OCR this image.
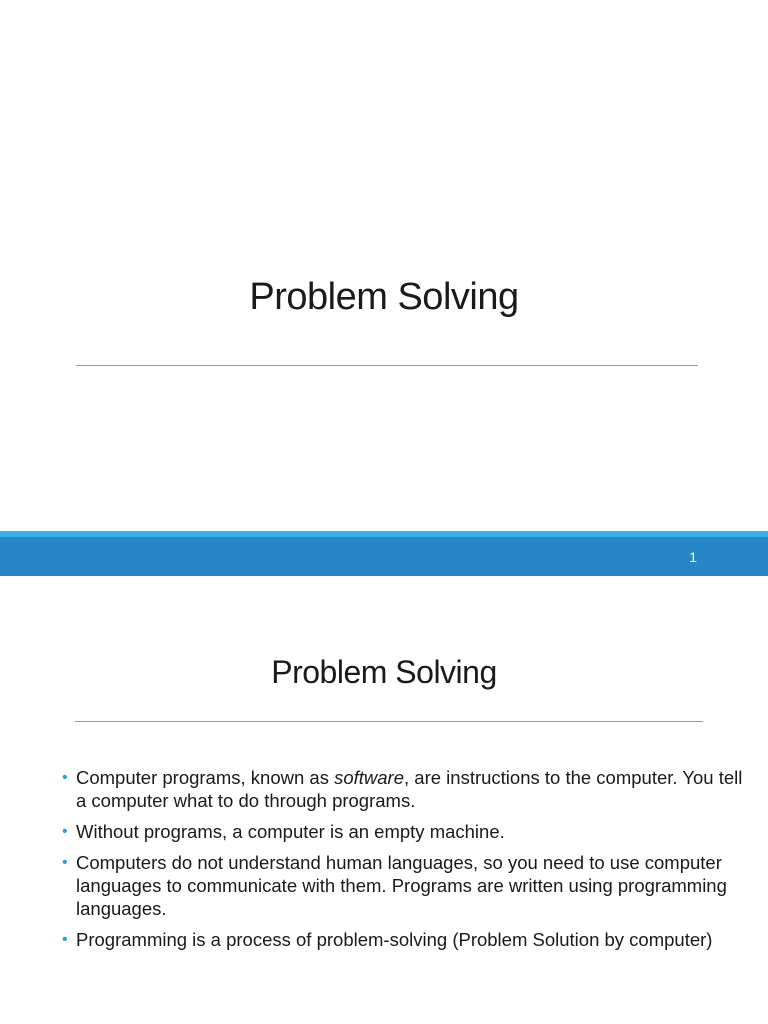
Problem Solving
1
Problem Solving
• Computer programs, known as software, are instructions to the computer. You tell a computer what to do through programs.
• Without programs, a computer is an empty machine.
• Computers do not understand human languages, so you need to use computer languages to communicate with them. Programs are written using programming languages.
• Programming is a process of problem-solving (Problem Solution by computer)
